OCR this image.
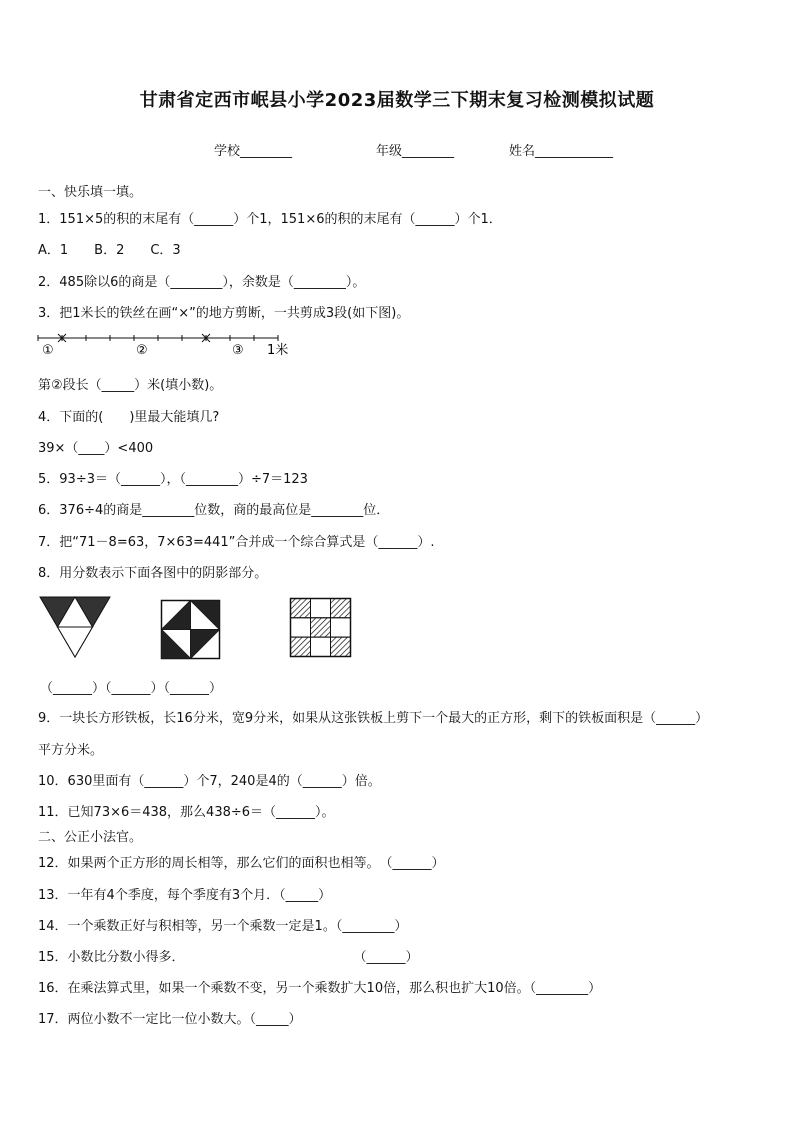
甘肃省定西市岷县小学2023届数学三下期末复习检测模拟试题
学校________	年级________	姓名____________
一、快乐填一填。
1．151×5的积的末尾有（______）个1，151×6的积的末尾有（______）个1．
A．1　　B．2　　C．3
2．485除以6的商是（________），余数是（________）。
3．把1米长的铁丝在画“×”的地方剪断，一共剪成3段(如下图)。
①	②	③ 1米
第②段长（_____）米(填小数)。
4．下面的(　　)里最大能填几?
39×（____）<400
5．93÷3＝（______），（________）÷7＝123
6．376÷4的商是________位数，商的最高位是________位．
7．把“71－8=63，7×63=441”合并成一个综合算式是（______）.
8．用分数表示下面各图中的阴影部分。
（______）（______）（______）
9．一块长方形铁板，长16分米，宽9分米，如果从这张铁板上剪下一个最大的正方形，剩下的铁板面积是（______）
平方分米。
10．630里面有（______）个7，240是4的（______）倍。
11．已知73×6＝438，那么438÷6＝（______）。
二、公正小法官。
12．如果两个正方形的周长相等，那么它们的面积也相等。　（______）
13．一年有4个季度，每个季度有3个月．（_____）
14．一个乘数正好与积相等，另一个乘数一定是1。（________）
15．小数比分数小得多．　　　　　　　　　　　　　　（______）
16．在乘法算式里，如果一个乘数不变，另一个乘数扩大10倍，那么积也扩大10倍。（________）
17．两位小数不一定比一位小数大。（_____）
